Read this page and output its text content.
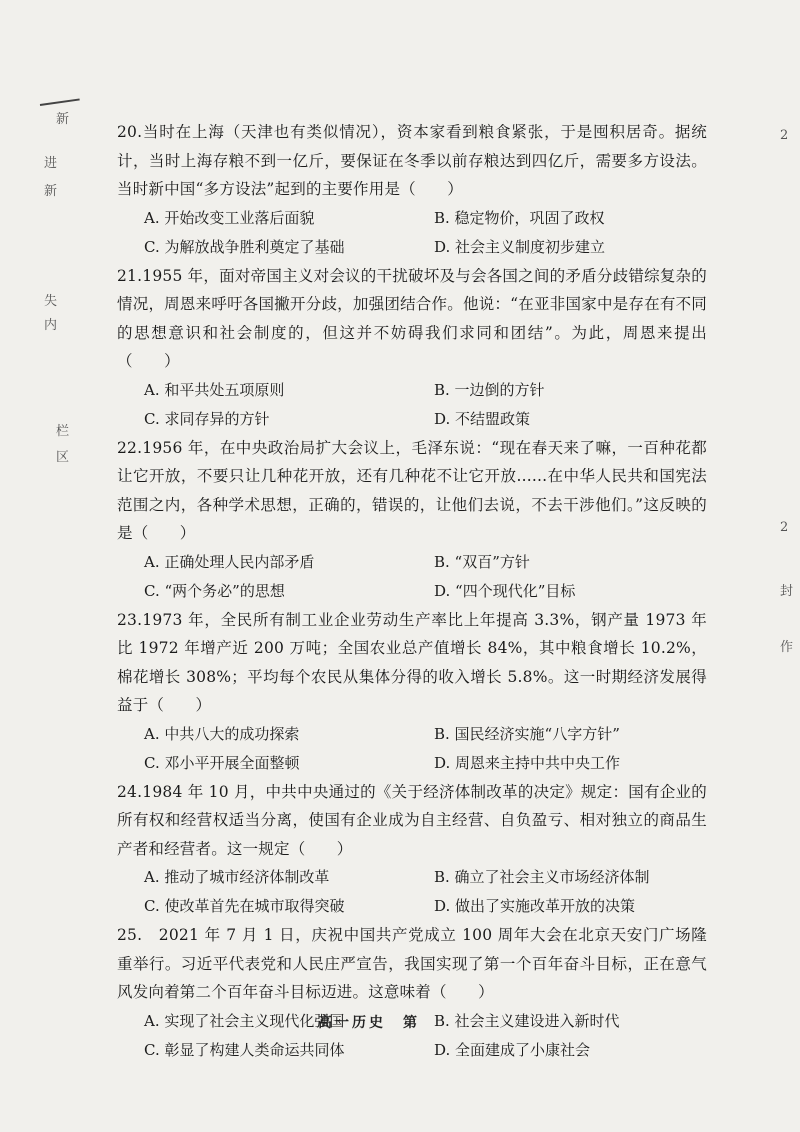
新
进
新
失
内
栏
区
2
2
封
作

20.当时在上海（天津也有类似情况），资本家看到粮食紧张，于是囤积居奇。据统计，当时上海存粮不到一亿斤，要保证在冬季以前存粮达到四亿斤，需要多方设法。当时新中国“多方设法”起到的主要作用是（　　）

A. 开始改变工业落后面貌	B. 稳定物价，巩固了政权
C. 为解放战争胜利奠定了基础	D. 社会主义制度初步建立

21.1955 年，面对帝国主义对会议的干扰破坏及与会各国之间的矛盾分歧错综复杂的情况，周恩来呼吁各国撇开分歧，加强团结合作。他说：“在亚非国家中是存在有不同的思想意识和社会制度的，但这并不妨碍我们求同和团结”。为此，周恩来提出（　　）

A. 和平共处五项原则	B. 一边倒的方针
C. 求同存异的方针	D. 不结盟政策

22.1956 年，在中央政治局扩大会议上，毛泽东说：“现在春天来了嘛，一百种花都让它开放，不要只让几种花开放，还有几种花不让它开放......在中华人民共和国宪法范围之内，各种学术思想，正确的，错误的，让他们去说，不去干涉他们。”这反映的是（　　）

A. 正确处理人民内部矛盾	B. “双百”方针
C. “两个务必”的思想	D. “四个现代化”目标

23.1973 年，全民所有制工业企业劳动生产率比上年提高 3.3%，钢产量 1973 年比 1972 年增产近 200 万吨；全国农业总产值增长 84%，其中粮食增长 10.2%，棉花增长 308%；平均每个农民从集体分得的收入增长 5.8%。这一时期经济发展得益于（　　）

A. 中共八大的成功探索	B. 国民经济实施“八字方针”
C. 邓小平开展全面整顿	D. 周恩来主持中共中央工作

24.1984 年 10 月，中共中央通过的《关于经济体制改革的决定》规定：国有企业的所有权和经营权适当分离，使国有企业成为自主经营、自负盈亏、相对独立的商品生产者和经营者。这一规定（　　）

A. 推动了城市经济体制改革	B. 确立了社会主义市场经济体制
C. 使改革首先在城市取得突破	D. 做出了实施改革开放的决策

25.　2021 年 7 月 1 日，庆祝中国共产党成立 100 周年大会在北京天安门广场隆重举行。习近平代表党和人民庄严宣告，我国实现了第一个百年奋斗目标，正在意气风发向着第二个百年奋斗目标迈进。这意味着（　　）

A. 实现了社会主义现代化强国	B. 社会主义建设进入新时代
C. 彰显了构建人类命运共同体	D. 全面建成了小康社会
高一历史　第
